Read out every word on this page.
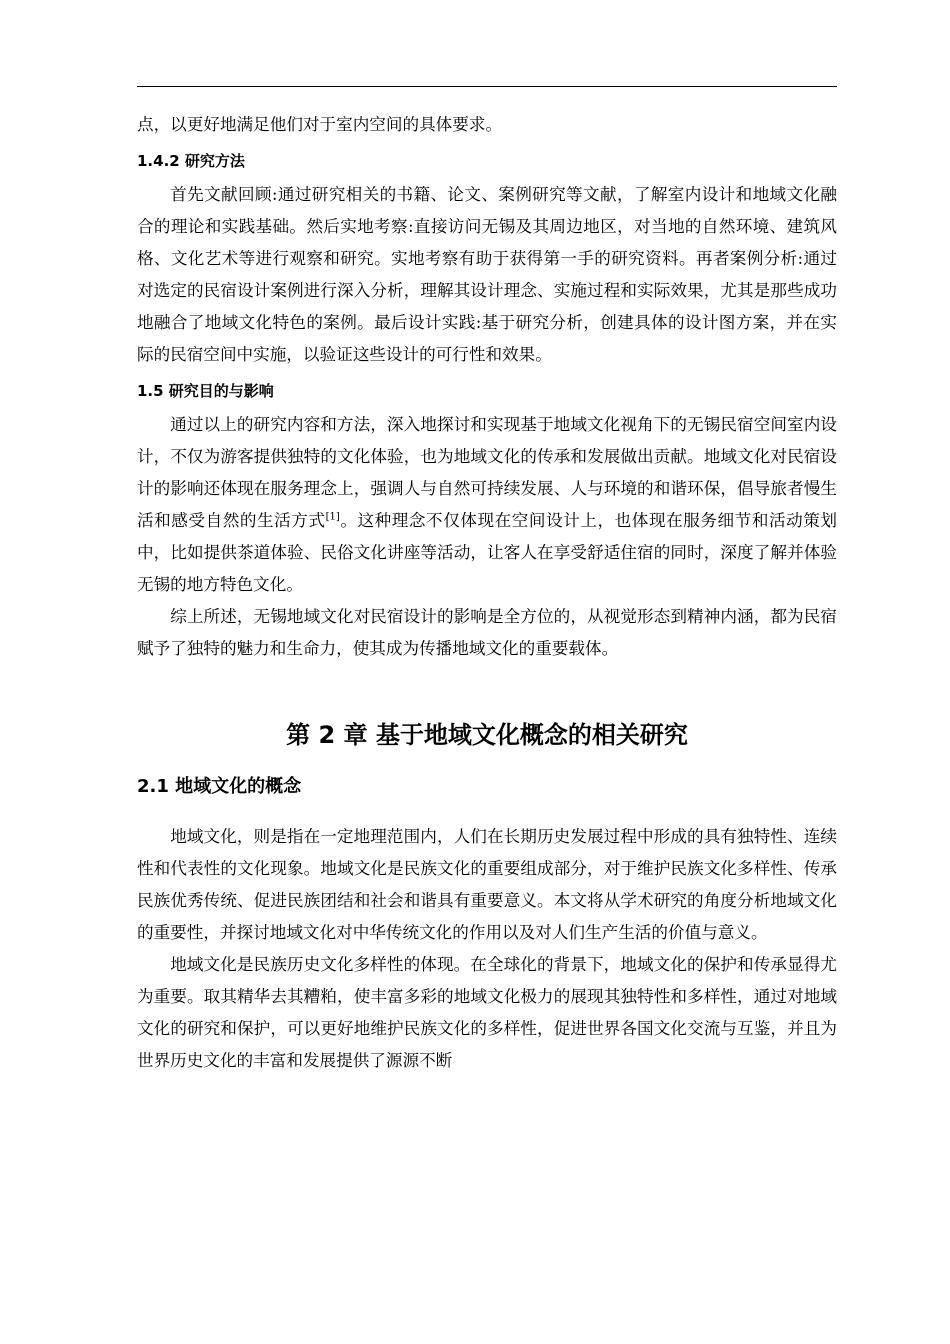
点，以更好地满足他们对于室内空间的具体要求。

1.4.2 研究方法

首先文献回顾:通过研究相关的书籍、论文、案例研究等文献，了解室内设计和地域文化融合的理论和实践基础。然后实地考察:直接访问无锡及其周边地区，对当地的自然环境、建筑风格、文化艺术等进行观察和研究。实地考察有助于获得第一手的研究资料。再者案例分析:通过对选定的民宿设计案例进行深入分析，理解其设计理念、实施过程和实际效果，尤其是那些成功地融合了地域文化特色的案例。最后设计实践:基于研究分析，创建具体的设计图方案，并在实际的民宿空间中实施，以验证这些设计的可行性和效果。

1.5 研究目的与影响

通过以上的研究内容和方法，深入地探讨和实现基于地域文化视角下的无锡民宿空间室内设计，不仅为游客提供独特的文化体验，也为地域文化的传承和发展做出贡献。地域文化对民宿设计的影响还体现在服务理念上，强调人与自然可持续发展、人与环境的和谐环保，倡导旅者慢生活和感受自然的生活方式[1]。这种理念不仅体现在空间设计上，也体现在服务细节和活动策划中，比如提供茶道体验、民俗文化讲座等活动，让客人在享受舒适住宿的同时，深度了解并体验无锡的地方特色文化。

综上所述，无锡地域文化对民宿设计的影响是全方位的，从视觉形态到精神内涵，都为民宿赋予了独特的魅力和生命力，使其成为传播地域文化的重要载体。

第 2 章 基于地域文化概念的相关研究
2.1 地域文化的概念

地域文化，则是指在一定地理范围内，人们在长期历史发展过程中形成的具有独特性、连续性和代表性的文化现象。地域文化是民族文化的重要组成部分，对于维护民族文化多样性、传承民族优秀传统、促进民族团结和社会和谐具有重要意义。本文将从学术研究的角度分析地域文化的重要性，并探讨地域文化对中华传统文化的作用以及对人们生产生活的价值与意义。

地域文化是民族历史文化多样性的体现。在全球化的背景下，地域文化的保护和传承显得尤为重要。取其精华去其糟粕，使丰富多彩的地域文化极力的展现其独特性和多样性，通过对地域文化的研究和保护，可以更好地维护民族文化的多样性，促进世界各国文化交流与互鉴，并且为世界历史文化的丰富和发展提供了源源不断
